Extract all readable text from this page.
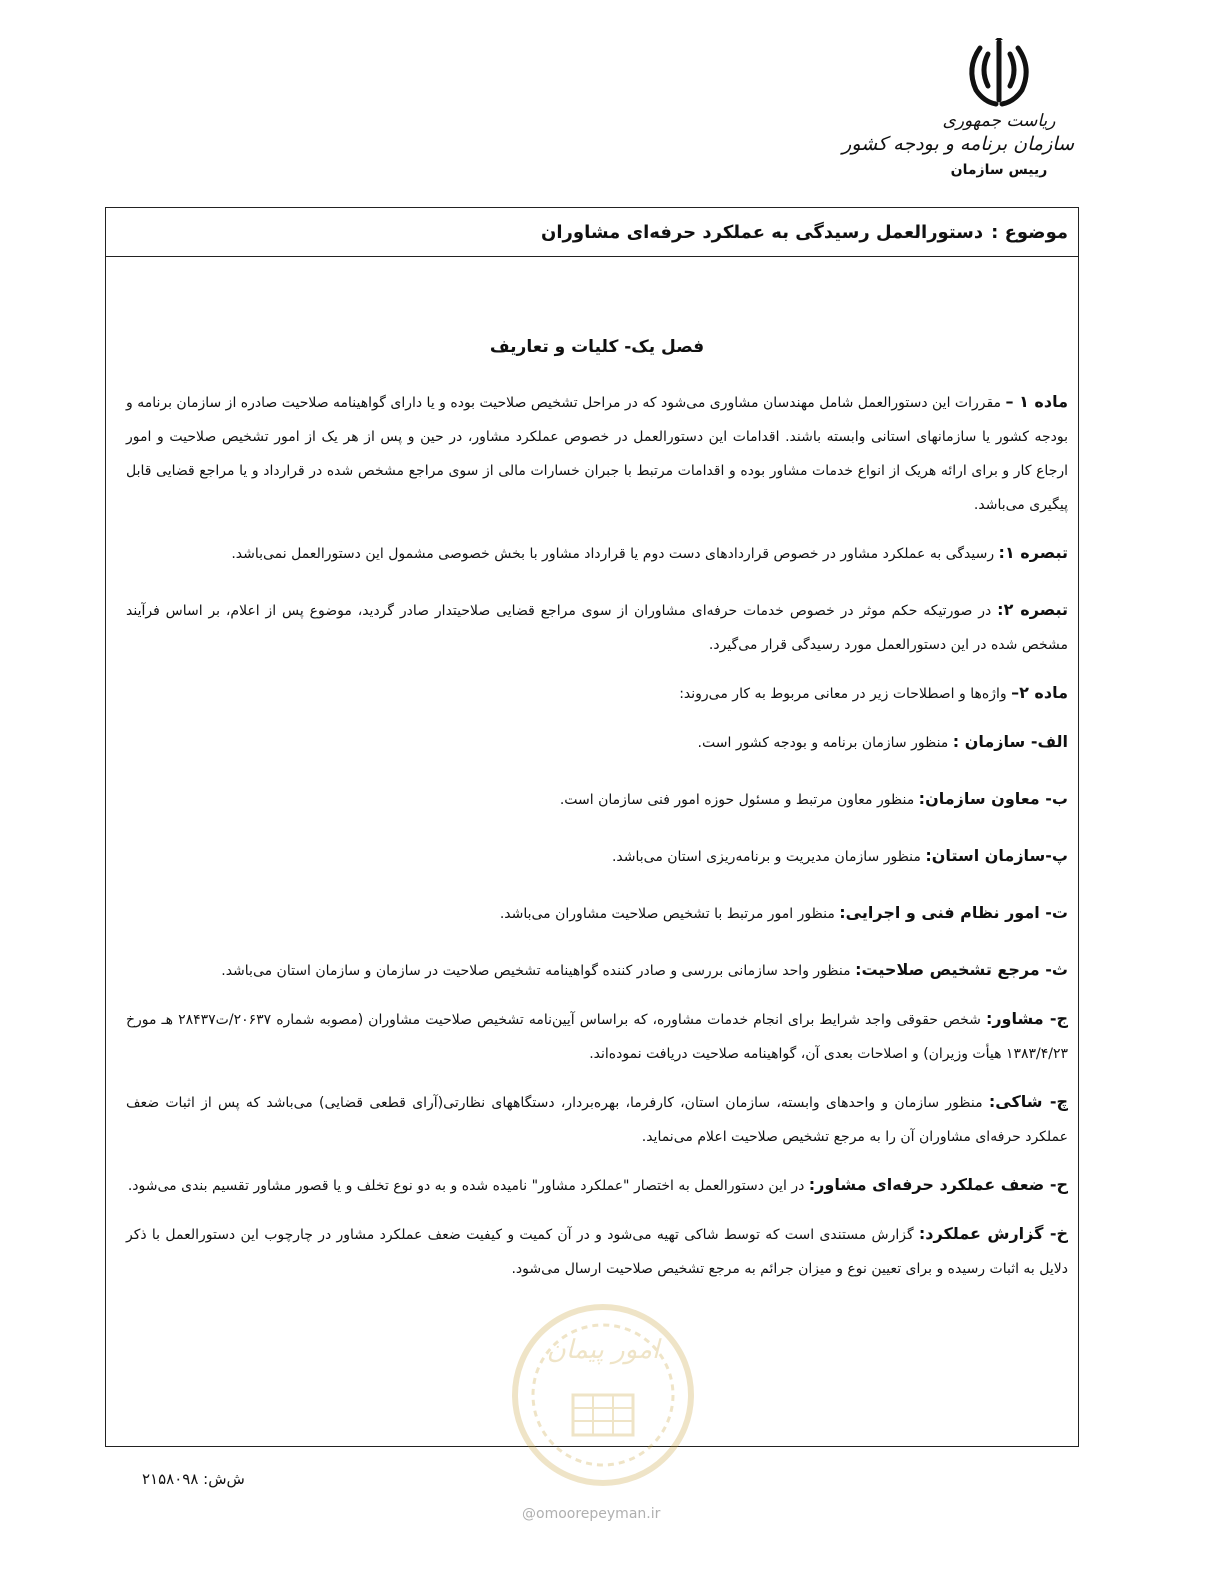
ریاست جمهوری
سازمان برنامه و بودجه کشور
رییس سازمان
موضوع :
دستورالعمل رسیدگی به عملکرد حرفه‌ای مشاوران
فصل یک- کلیات و تعاریف

ماده ۱ – مقررات این دستورالعمل شامل مهندسان مشاوری می‌شود که در مراحل تشخیص صلاحیت بوده و یا دارای گواهینامه صلاحیت صادره از سازمان برنامه و بودجه کشور یا سازمانهای استانی وابسته باشند. اقدامات این دستورالعمل در خصوص عملکرد مشاور، در حین و پس از هر یک از امور تشخیص صلاحیت و امور ارجاع کار و برای ارائه هریک از انواع خدمات مشاور بوده و اقدامات مرتبط با جبران خسارات مالی از سوی مراجع مشخص شده در قرارداد و یا مراجع قضایی قابل پیگیری می‌باشد.

تبصره ۱: رسیدگی به عملکرد مشاور در خصوص قراردادهای دست دوم یا قرارداد مشاور با بخش خصوصی مشمول این دستورالعمل نمی‌باشد.

تبصره ۲: در صورتیکه حکم موثر در خصوص خدمات حرفه‌ای مشاوران از سوی مراجع قضایی صلاحیتدار صادر گردید، موضوع پس از اعلام، بر اساس فرآیند مشخص شده در این دستورالعمل مورد رسیدگی قرار می‌گیرد.

ماده ۲– واژه‌ها و اصطلاحات زیر در معانی مربوط به کار می‌روند:

الف- سازمان : منظور سازمان برنامه و بودجه کشور است.

ب- معاون سازمان: منظور معاون مرتبط و مسئول حوزه امور فنی سازمان است.

پ-سازمان استان: منظور سازمان مدیریت و برنامه‌ریزی استان می‌باشد.

ت- امور نظام فنی و اجرایی: منظور امور مرتبط با تشخیص صلاحیت مشاوران می‌باشد.

ث- مرجع تشخیص صلاحیت: منظور واحد سازمانی بررسی و صادر کننده گواهینامه تشخیص صلاحیت در سازمان و سازمان استان می‌باشد.

ج- مشاور: شخص حقوقی واجد شرایط برای انجام خدمات مشاوره، که براساس آیین‌نامه تشخیص صلاحیت مشاوران (مصوبه شماره ۲۰۶۳۷/ت۲۸۴۳۷ هـ مورخ ۱۳۸۳/۴/۲۳ هیأت وزیران) و اصلاحات بعدی آن، گواهینامه صلاحیت دریافت نموده‌اند.

چ- شاکی: منظور سازمان و واحدهای وابسته، سازمان استان، کارفرما، بهره‌بردار، دستگاههای نظارتی(آرای قطعی قضایی) می‌باشد که پس از اثبات ضعف عملکرد حرفه‌ای مشاوران آن را به مرجع تشخیص صلاحیت اعلام می‌نماید.

ح- ضعف عملکرد حرفه‌ای مشاور: در این دستورالعمل به اختصار "عملکرد مشاور" نامیده شده و به دو نوع تخلف و یا قصور مشاور تقسیم بندی می‌شود.

خ- گزارش عملکرد: گزارش مستندی است که توسط شاکی تهیه می‌شود و در آن کمیت و کیفیت ضعف عملکرد مشاور در چارچوب این دستورالعمل با ذکر دلایل به اثبات رسیده و برای تعیین نوع و میزان جرائم به مرجع تشخیص صلاحیت ارسال می‌شود.

امور پیمان
ش‌ش: ۲۱۵۸۰۹۸
@omoorepeyman.ir
